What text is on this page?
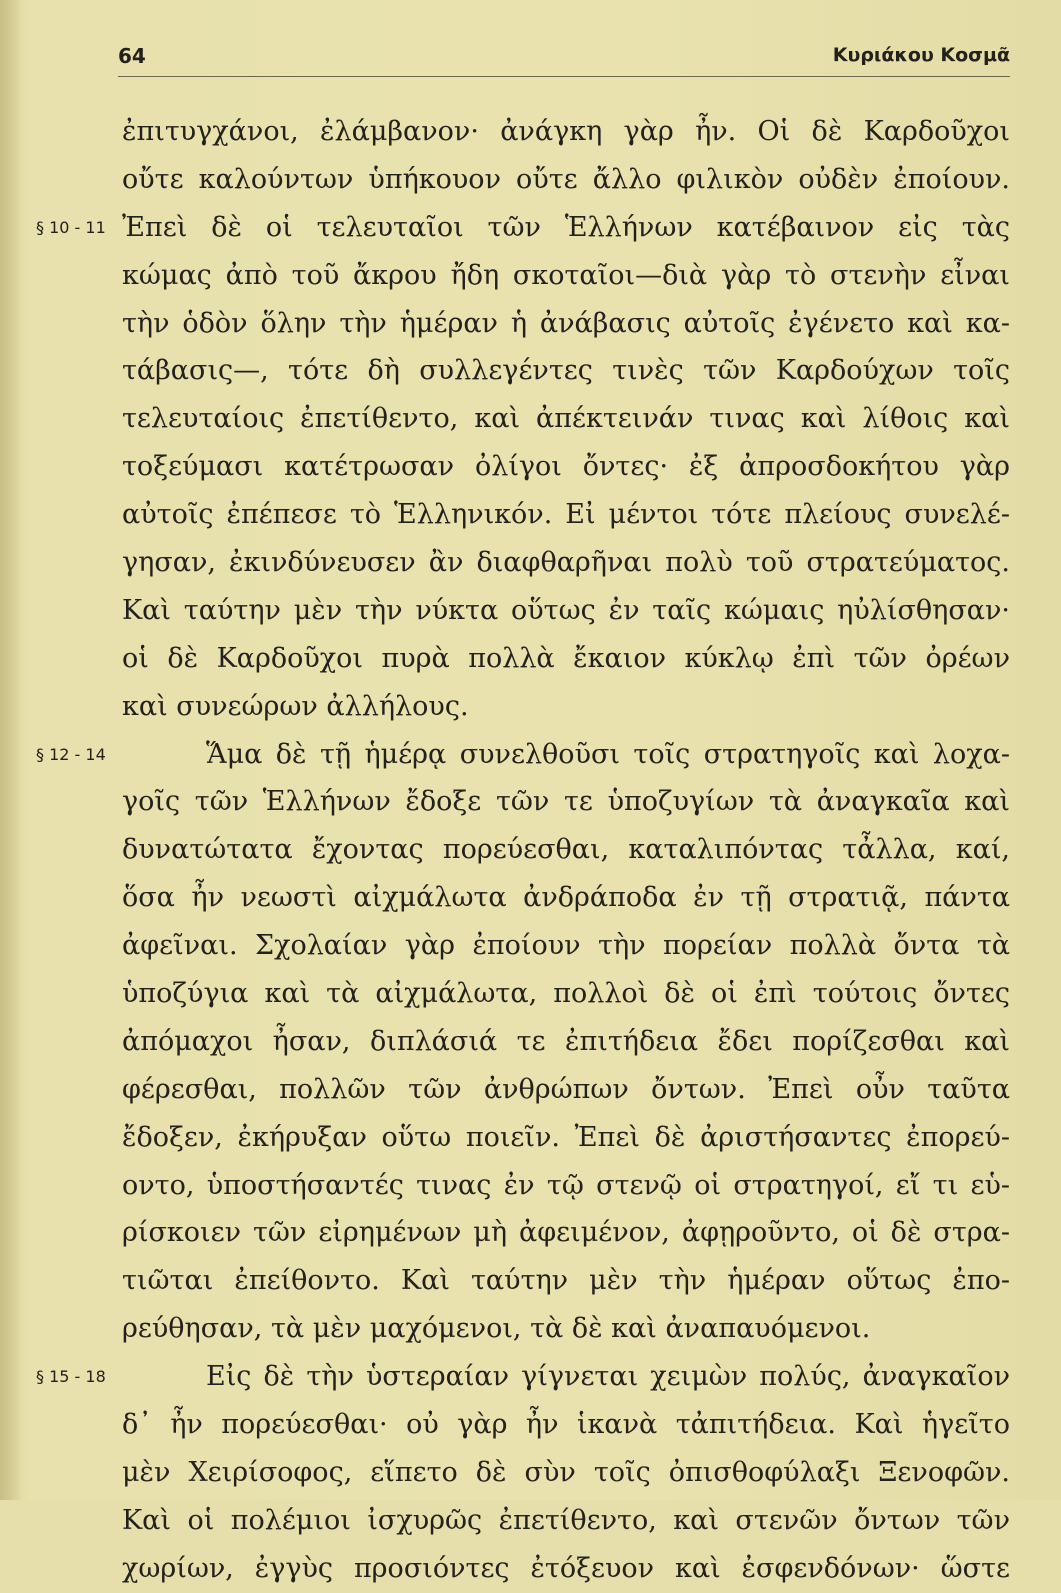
64	Κυριάκου Κοσμᾶ
ἐπιτυγχάνοι, ἐλάμβανον· ἀνάγκη γὰρ ἦν. Οἱ δὲ Καρδοῦχοι
οὔτε καλούντων ὑπήκουον οὔτε ἄλλο φιλικὸν οὐδὲν ἐποίουν.
§ 10 - 11 Ἐπεὶ δὲ οἱ τελευταῖοι τῶν Ἑλλήνων κατέβαινον εἰς τὰς
κώμας ἀπὸ τοῦ ἄκρου ἤδη σκοταῖοι—διὰ γὰρ τὸ στενὴν εἶναι
τὴν ὁδὸν ὅλην τὴν ἡμέραν ἡ ἀνάβασις αὐτοῖς ἐγένετο καὶ κα-
τάβασις—, τότε δὴ συλλεγέντες τινὲς τῶν Καρδούχων τοῖς
τελευταίοις ἐπετίθεντο, καὶ ἀπέκτεινάν τινας καὶ λίθοις καὶ
τοξεύμασι κατέτρωσαν ὀλίγοι ὄντες· ἐξ ἀπροσδοκήτου γὰρ
αὐτοῖς ἐπέπεσε τὸ Ἑλληνικόν. Εἰ μέντοι τότε πλείους συνελέ-
γησαν, ἐκινδύνευσεν ἂν διαφθαρῆναι πολὺ τοῦ στρατεύματος.
Καὶ ταύτην μὲν τὴν νύκτα οὕτως ἐν ταῖς κώμαις ηὐλίσθησαν·
οἱ δὲ Καρδοῦχοι πυρὰ πολλὰ ἔκαιον κύκλῳ ἐπὶ τῶν ὀρέων
καὶ συνεώρων ἀλλήλους.
§ 12 - 14	Ἅμα δὲ τῇ ἡμέρᾳ συνελθοῦσι τοῖς στρατηγοῖς καὶ λοχα-
γοῖς τῶν Ἑλλήνων ἔδοξε τῶν τε ὑποζυγίων τὰ ἀναγκαῖα καὶ
δυνατώτατα ἔχοντας πορεύεσθαι, καταλιπόντας τἆλλα, καί,
ὅσα ἦν νεωστὶ αἰχμάλωτα ἀνδράποδα ἐν τῇ στρατιᾷ, πάντα
ἀφεῖναι. Σχολαίαν γὰρ ἐποίουν τὴν πορείαν πολλὰ ὄντα τὰ
ὑποζύγια καὶ τὰ αἰχμάλωτα, πολλοὶ δὲ οἱ ἐπὶ τούτοις ὄντες
ἀπόμαχοι ἦσαν, διπλάσιά τε ἐπιτήδεια ἔδει πορίζεσθαι καὶ
φέρεσθαι, πολλῶν τῶν ἀνθρώπων ὄντων. Ἐπεὶ οὖν ταῦτα
ἔδοξεν, ἐκήρυξαν οὕτω ποιεῖν. Ἐπεὶ δὲ ἀριστήσαντες ἐπορεύ-
οντο, ὑποστήσαντές τινας ἐν τῷ στενῷ οἱ στρατηγοί, εἴ τι εὑ-
ρίσκοιεν τῶν εἰρημένων μὴ ἀφειμένον, ἀφῃροῦντο, οἱ δὲ στρα-
τιῶται ἐπείθοντο. Καὶ ταύτην μὲν τὴν ἡμέραν οὕτως ἐπο-
ρεύθησαν, τὰ μὲν μαχόμενοι, τὰ δὲ καὶ ἀναπαυόμενοι.
§ 15 - 18	Εἰς δὲ τὴν ὑστεραίαν γίγνεται χειμὼν πολύς, ἀναγκαῖον
δ᾽ ἦν πορεύεσθαι· οὐ γὰρ ἦν ἱκανὰ τἀπιτήδεια. Καὶ ἡγεῖτο
μὲν Χειρίσοφος, εἵπετο δὲ σὺν τοῖς ὀπισθοφύλαξι Ξενοφῶν.
Καὶ οἱ πολέμιοι ἰσχυρῶς ἐπετίθεντο, καὶ στενῶν ὄντων τῶν
χωρίων, ἐγγὺς προσιόντες ἐτόξευον καὶ ἐσφενδόνων· ὥστε
